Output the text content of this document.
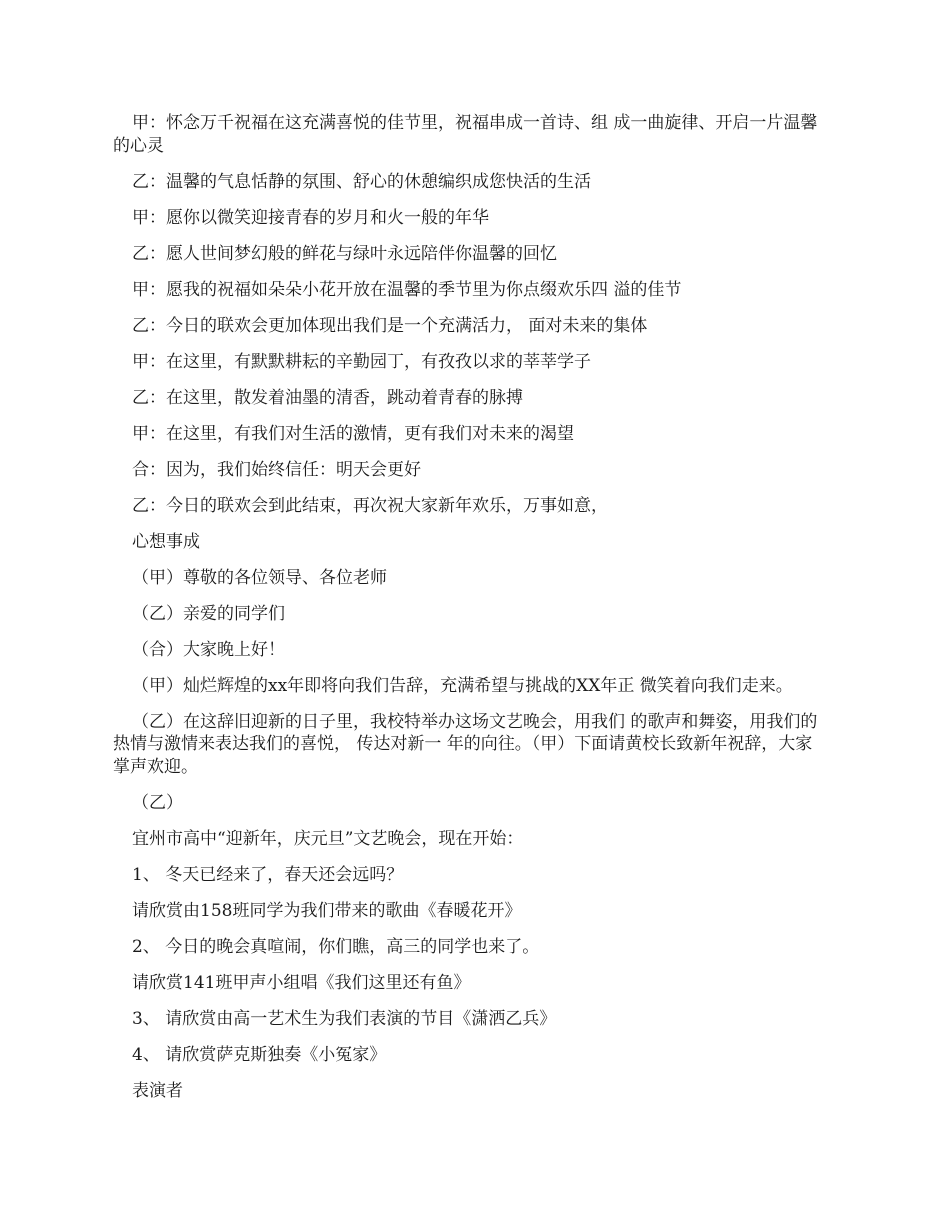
甲：怀念万千祝福在这充满喜悦的佳节里，祝福串成一首诗、组 成一曲旋律、开启一片温馨的心灵

乙：温馨的气息恬静的氛围、舒心的休憩编织成您快活的生活

甲：愿你以微笑迎接青春的岁月和火一般的年华

乙：愿人世间梦幻般的鲜花与绿叶永远陪伴你温馨的回忆

甲：愿我的祝福如朵朵小花开放在温馨的季节里为你点缀欢乐四 溢的佳节

乙：今日的联欢会更加体现出我们是一个充满活力， 面对未来的集体

甲：在这里，有默默耕耘的辛勤园丁，有孜孜以求的莘莘学子

乙：在这里，散发着油墨的清香，跳动着青春的脉搏

甲：在这里，有我们对生活的激情，更有我们对未来的渴望

合：因为，我们始终信任：明天会更好

乙：今日的联欢会到此结束，再次祝大家新年欢乐，万事如意，

心想事成

（甲）尊敬的各位领导、各位老师

（乙）亲爱的同学们

（合）大家晚上好！

（甲）灿烂辉煌的xx年即将向我们告辞，充满希望与挑战的XX年正 微笑着向我们走来。

（乙）在这辞旧迎新的日子里，我校特举办这场文艺晚会，用我们 的歌声和舞姿，用我们的热情与激情来表达我们的喜悦， 传达对新一 年的向往。（甲）下面请黄校长致新年祝辞，大家掌声欢迎。

（乙）

宜州市高中“迎新年，庆元旦”文艺晚会，现在开始：

1、 冬天已经来了，春天还会远吗？

请欣赏由158班同学为我们带来的歌曲《春暖花开》

2、 今日的晚会真喧闹，你们瞧，高三的同学也来了。

请欣赏141班甲声小组唱《我们这里还有鱼》

3、 请欣赏由高一艺术生为我们表演的节目《潇洒乙兵》

4、 请欣赏萨克斯独奏《小冤家》

表演者
